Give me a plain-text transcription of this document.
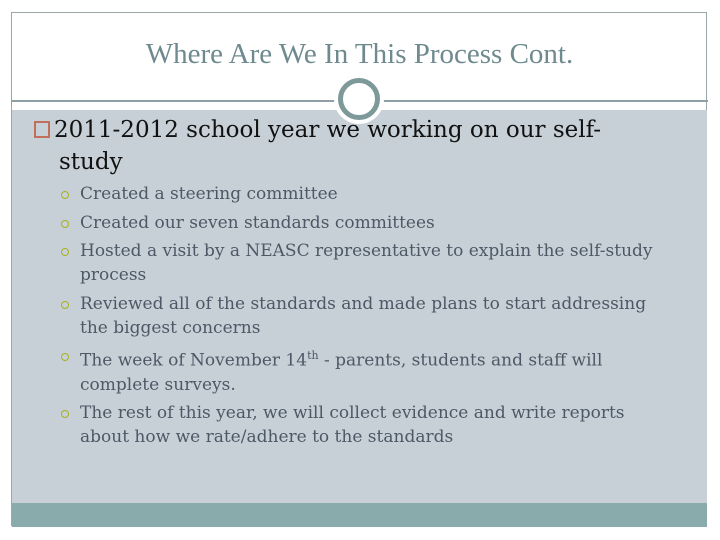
Where Are We In This Process Cont.
2011-2012 school year we working on our self-
study
Created a steering committee
Created our seven standards committees
Hosted a visit by a NEASC representative to explain the self-study process
Reviewed all of the standards and made plans to start addressing the biggest concerns
The week of November 14th - parents, students and staff will complete surveys.
The rest of this year, we will collect evidence and write reports about how we rate/adhere to the standards
